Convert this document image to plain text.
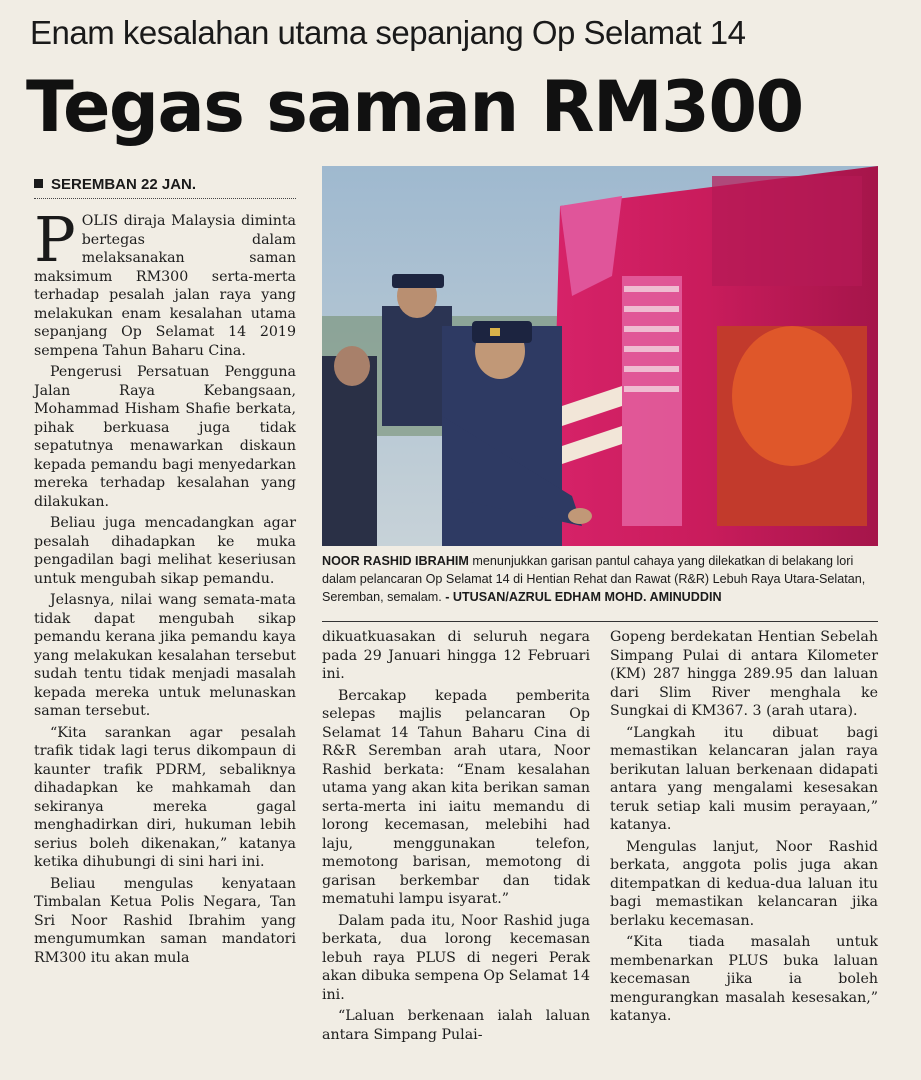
Enam kesalahan utama sepanjang Op Selamat 14
Tegas saman RM300
SEREMBAN 22 JAN.
NOOR RASHID IBRAHIM menunjukkan garisan pantul cahaya yang dilekatkan di belakang lori dalam pelancaran Op Selamat 14 di Hentian Rehat dan Rawat (R&R) Lebuh Raya Utara-Selatan, Seremban, semalam. - UTUSAN/AZRUL EDHAM MOHD. AMINUDDIN

POLIS diraja Malaysia diminta bertegas dalam melaksanakan saman maksimum RM300 serta-merta terhadap pesalah jalan raya yang melakukan enam kesalahan utama sepanjang Op Selamat 14 2019 sempena Tahun Baharu Cina.

Pengerusi Persatuan Pengguna Jalan Raya Kebangsaan, Mohammad Hisham Shafie berkata, pihak berkuasa juga tidak sepatutnya menawarkan diskaun kepada pemandu bagi menyedarkan mereka terhadap kesalahan yang dilakukan.

Beliau juga mencadangkan agar pesalah dihadapkan ke muka pengadilan bagi melihat keseriusan untuk mengubah sikap pemandu.

Jelasnya, nilai wang semata-mata tidak dapat mengubah sikap pemandu kerana jika pemandu kaya yang melakukan kesalahan tersebut sudah tentu tidak menjadi masalah kepada mereka untuk melunaskan saman tersebut.

“Kita sarankan agar pesalah trafik tidak lagi terus dikompaun di kaunter trafik PDRM, sebaliknya dihadapkan ke mahkamah dan sekiranya mereka gagal menghadirkan diri, hukuman lebih serius boleh dikenakan,” katanya ketika dihubungi di sini hari ini.

Beliau mengulas kenyataan Timbalan Ketua Polis Negara, Tan Sri Noor Rashid Ibrahim yang mengumumkan saman mandatori RM300 itu akan mula

dikuatkuasakan di seluruh negara pada 29 Januari hingga 12 Februari ini.

Bercakap kepada pemberita selepas majlis pelancaran Op Selamat 14 Tahun Baharu Cina di R&R Seremban arah utara, Noor Rashid berkata: “Enam kesalahan utama yang akan kita berikan saman serta-merta ini iaitu memandu di lorong kecemasan, melebihi had laju, menggunakan telefon, memotong barisan, memotong di garisan berkembar dan tidak mematuhi lampu isyarat.”

Dalam pada itu, Noor Rashid juga berkata, dua lorong kecemasan lebuh raya PLUS di negeri Perak akan dibuka sempena Op Selamat 14 ini.

“Laluan berkenaan ialah laluan antara Simpang Pulai-

Gopeng berdekatan Hentian Sebelah Simpang Pulai di antara Kilometer (KM) 287 hingga 289.95 dan laluan dari Slim River menghala ke Sungkai di KM367. 3 (arah utara).

“Langkah itu dibuat bagi memastikan kelancaran jalan raya berikutan laluan berkenaan didapati antara yang mengalami kesesakan teruk setiap kali musim perayaan,” katanya.

Mengulas lanjut, Noor Rashid berkata, anggota polis juga akan ditempatkan di kedua-dua laluan itu bagi memastikan kelancaran jika berlaku kecemasan.

“Kita tiada masalah untuk membenarkan PLUS buka laluan kecemasan jika ia boleh mengurangkan masalah kesesakan,” katanya.
